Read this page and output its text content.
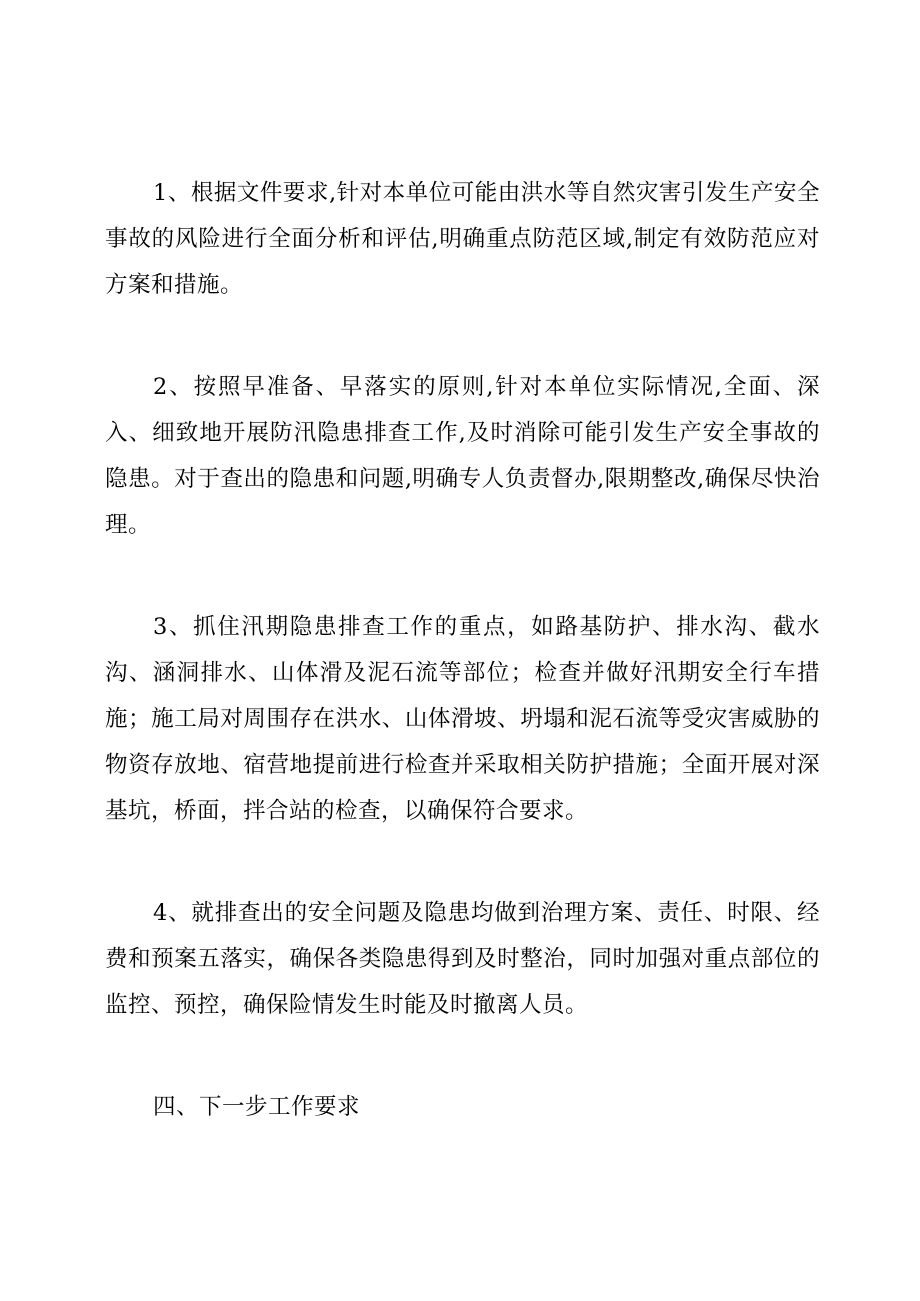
1、根据文件要求,针对本单位可能由洪水等自然灾害引发生产安全事故的风险进行全面分析和评估,明确重点防范区域,制定有效防范应对方案和措施。

2、按照早准备、早落实的原则,针对本单位实际情况,全面、深入、细致地开展防汛隐患排查工作,及时消除可能引发生产安全事故的隐患。对于查出的隐患和问题,明确专人负责督办,限期整改,确保尽快治理。

3、抓住汛期隐患排查工作的重点，如路基防护、排水沟、截水沟、涵洞排水、山体滑及泥石流等部位；检查并做好汛期安全行车措施；施工局对周围存在洪水、山体滑坡、坍塌和泥石流等受灾害威胁的物资存放地、宿营地提前进行检查并采取相关防护措施；全面开展对深基坑，桥面，拌合站的检查，以确保符合要求。

4、就排查出的安全问题及隐患均做到治理方案、责任、时限、经费和预案五落实，确保各类隐患得到及时整治，同时加强对重点部位的监控、预控，确保险情发生时能及时撤离人员。

四、下一步工作要求
